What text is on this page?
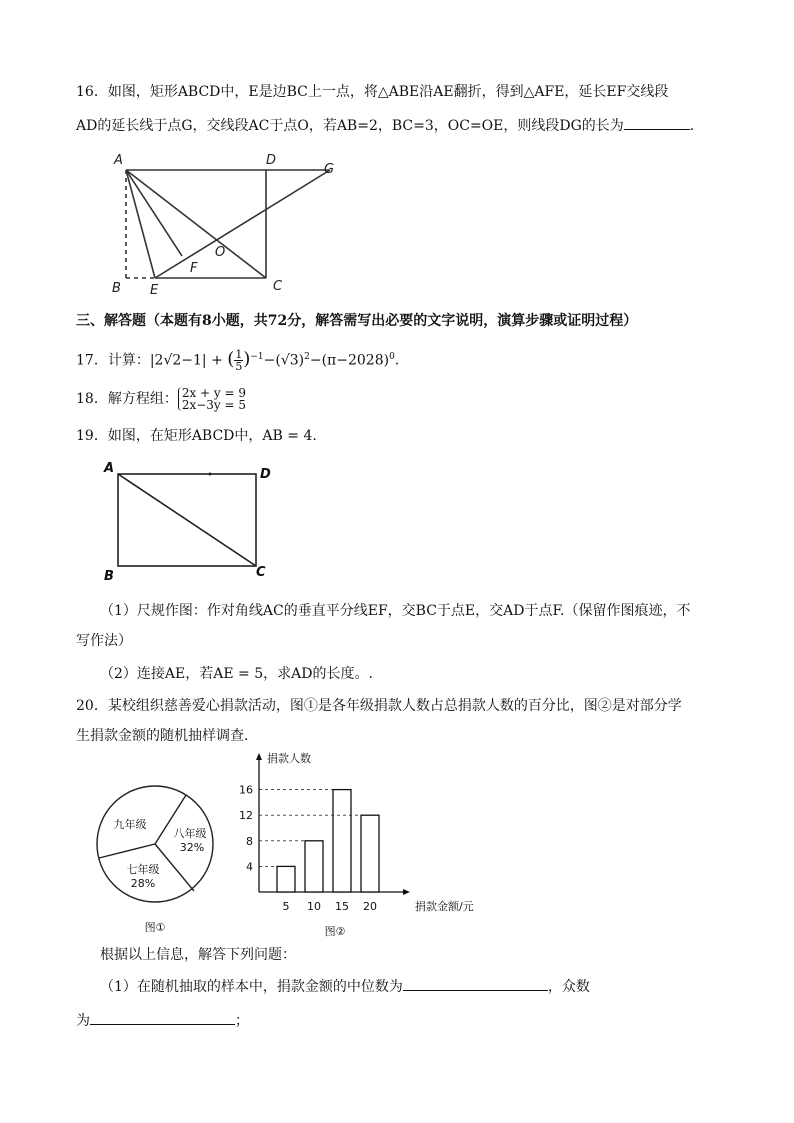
16．如图，矩形ABCD中，E是边BC上一点，将△ABE沿AE翻折，得到△AFE，延长EF交线段
AD的延长线于点G，交线段AC于点O，若AB=2，BC=3，OC=OE，则线段DG的长为	.
A	D
G
O
F
B E	C
三、解答题（本题有8小题，共72分，解答需写出必要的文字说明，演算步骤或证明过程）
17．计算：|2√2−1| + ( $\frac{1}{5} )^{-1}-(√3)^2-(\pi-2028)^0$.
18．解方程组： 2x + y = 9
2x−3y = 5
19．如图，在矩形ABCD中，AB = 4.
A	D
B	C
（1）尺规作图：作对角线AC的垂直平分线EF，交BC于点E，交AD于点F.（保留作图痕迹，不
写作法）
（2）连接AE，若AE = 5，求AD的长度。.
20．某校组织慈善爱心捐款活动，图①是各年级捐款人数占总捐款人数的百分比，图②是对部分学
生捐款金额的随机抽样调查．
九年级
八年级
32%
七年级
28%
图①
捐款人数
捐款金额/元
5 10 15 20
4
8
12
16
图②
根据以上信息，解答下列问题：
（1）在随机抽取的样本中，捐款金额的中位数为	，众数
为	；
